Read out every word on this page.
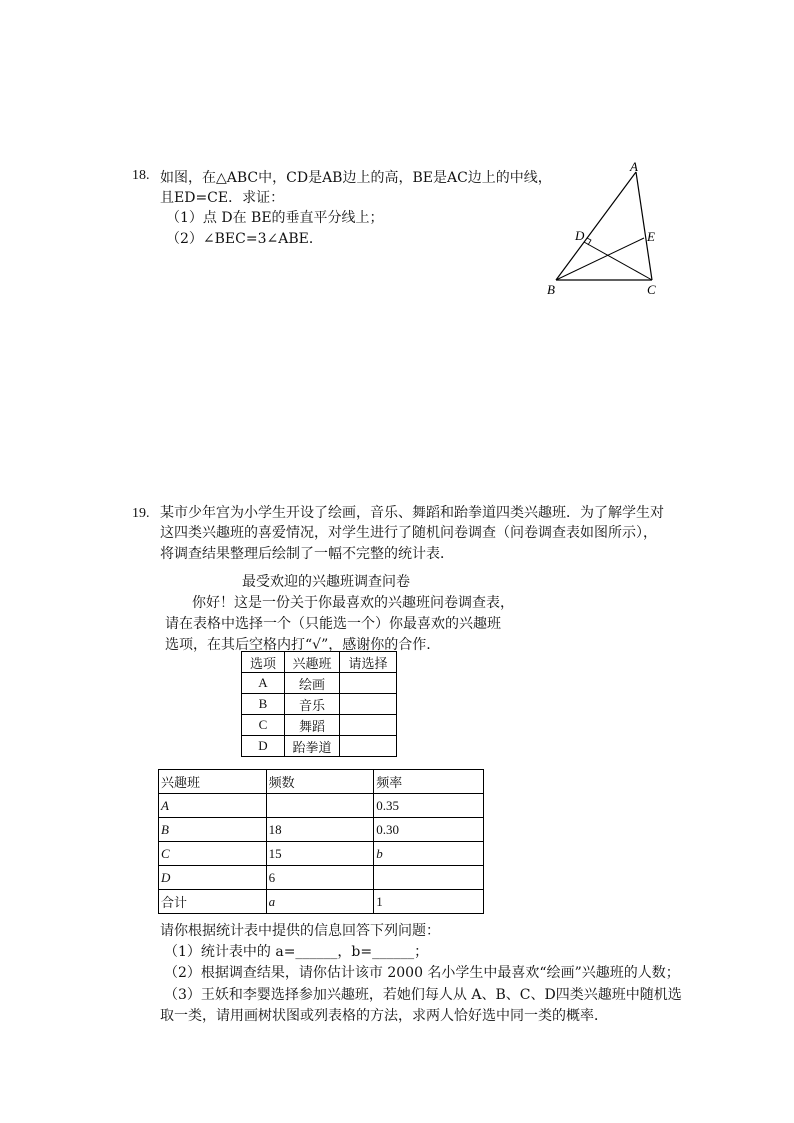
18. 如图，在△ABC中，CD是AB边上的高，BE是AC边上的中线，
且ED=CE．求证：
（1）点 D在 BE的垂直平分线上；
（2）∠BEC=3∠ABE．
A
B	C
D	E
19. 某市少年宫为小学生开设了绘画，音乐、舞蹈和跆拳道四类兴趣班．为了解学生对
这四类兴趣班的喜爱情况，对学生进行了随机问卷调查（问卷调查表如图所示），
将调查结果整理后绘制了一幅不完整的统计表．
最受欢迎的兴趣班调查问卷
你好！这是一份关于你最喜欢的兴趣班问卷调查表，
请在表格中选择一个（只能选一个）你最喜欢的兴趣班
选项，在其后空格内打“√”，感谢你的合作.
选项	兴趣班	请选择
A	绘画	
B	音乐	
C	舞蹈	
D	跆拳道	
兴趣班	频数	频率
A		0.35
B	18	0.30
C	15	b
D	6	
合计	a	1
请你根据统计表中提供的信息回答下列问题：
（1）统计表中的 a=______，b=______；
（2）根据调查结果，请你估计该市 2000 名小学生中最喜欢“绘画”兴趣班的人数；
（3）王妖和李婴选择参加兴趣班，若她们每人从 A、B、C、D四类兴趣班中随机选
取一类，请用画树状图或列表格的方法，求两人恰好选中同一类的概率．
